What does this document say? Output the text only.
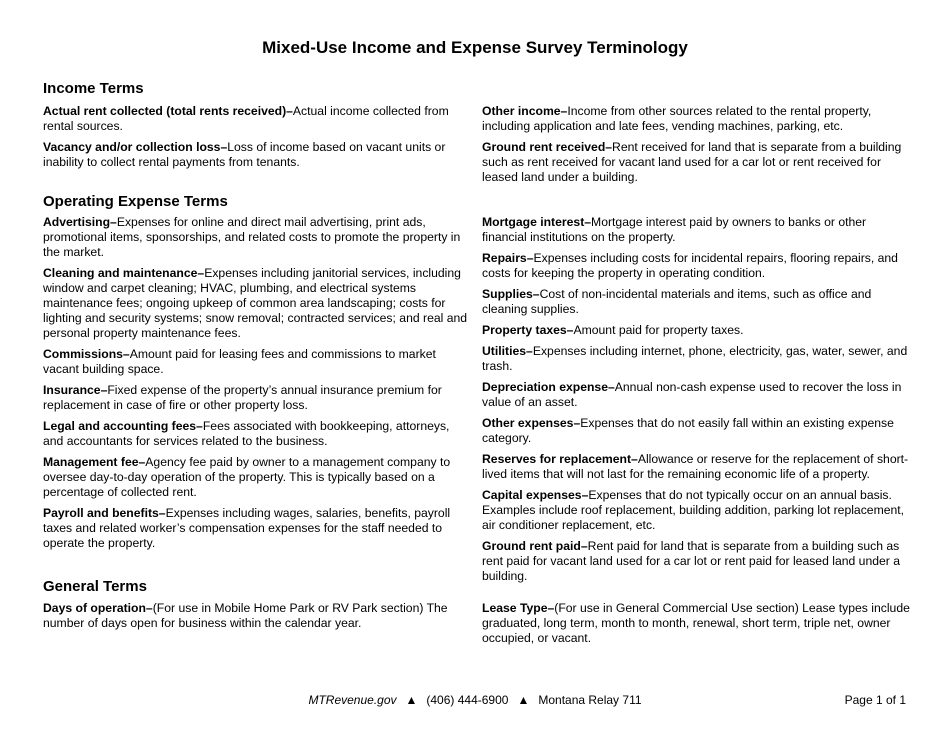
Mixed-Use Income and Expense Survey Terminology
Income Terms

Actual rent collected (total rents received)–Actual income collected from rental sources.

Vacancy and/or collection loss–Loss of income based on vacant units or inability to collect rental payments from tenants.

Other income–Income from other sources related to the rental property, including application and late fees, vending machines, parking, etc.

Ground rent received–Rent received for land that is separate from a building such as rent received for vacant land used for a car lot or rent received for leased land under a building.

Operating Expense Terms

Advertising–Expenses for online and direct mail advertising, print ads, promotional items, sponsorships, and related costs to promote the property in the market.

Cleaning and maintenance–Expenses including janitorial services, including window and carpet cleaning; HVAC, plumbing, and electrical systems maintenance fees; ongoing upkeep of common area landscaping; costs for lighting and security systems; snow removal; contracted services; and real and personal property maintenance fees.

Commissions–Amount paid for leasing fees and commissions to market vacant building space.

Insurance–Fixed expense of the property’s annual insurance premium for replacement in case of fire or other property loss.

Legal and accounting fees–Fees associated with bookkeeping, attorneys, and accountants for services related to the business.

Management fee–Agency fee paid by owner to a management company to oversee day-to-day operation of the property. This is typically based on a percentage of collected rent.

Payroll and benefits–Expenses including wages, salaries, benefits, payroll taxes and related worker’s compensation expenses for the staff needed to operate the property.

Mortgage interest–Mortgage interest paid by owners to banks or other financial institutions on the property.

Repairs–Expenses including costs for incidental repairs, flooring repairs, and costs for keeping the property in operating condition.

Supplies–Cost of non-incidental materials and items, such as office and cleaning supplies.

Property taxes–Amount paid for property taxes.

Utilities–Expenses including internet, phone, electricity, gas, water, sewer, and trash.

Depreciation expense–Annual non-cash expense used to recover the loss in value of an asset.

Other expenses–Expenses that do not easily fall within an existing expense category.

Reserves for replacement–Allowance or reserve for the replacement of short-lived items that will not last for the remaining economic life of a property.

Capital expenses–Expenses that do not typically occur on an annual basis. Examples include roof replacement, building addition, parking lot replacement, air conditioner replacement, etc.

Ground rent paid–Rent paid for land that is separate from a building such as rent paid for vacant land used for a car lot or rent paid for leased land under a building.

General Terms

Days of operation–(For use in Mobile Home Park or RV Park section) The number of days open for business within the calendar year.

Lease Type–(For use in General Commercial Use section) Lease types include graduated, long term, month to month, renewal, short term, triple net, owner occupied, or vacant.

MTRevenue.gov ▲ (406) 444-6900 ▲ Montana Relay 711	Page 1 of 1
